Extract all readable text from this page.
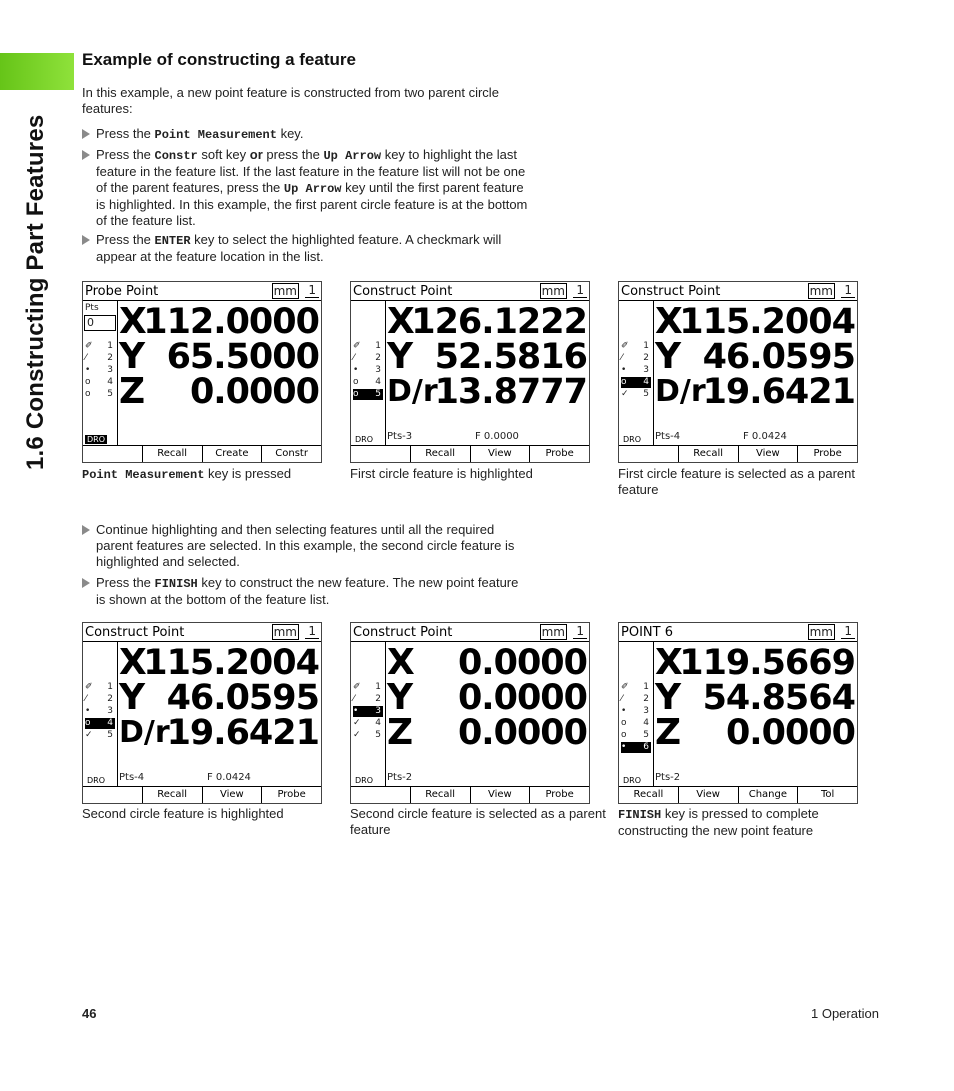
1.6 Constructing Part Features
Example of constructing a feature

In this example, a new point feature is constructed from two parent circle features:

Press the Point Measurement key.

Press the Constr soft key or press the Up Arrow key to highlight the last feature in the feature list. If the last feature in the feature list will not be one of the parent features, press the Up Arrow key until the first parent feature is highlighted. In this example, the first parent circle feature is at the bottom of the feature list.

Press the ENTER key to select the highlighted feature. A checkmark will appear at the feature location in the list.

Continue highlighting and then selecting features until all the required parent features are selected. In this example, the second circle feature is highlighted and selected.

Press the FINISH key to construct the new feature. The new point feature is shown at the bottom of the feature list.

Probe Point	mm 1
Pts
0
✐ 1
⁄ 2
• 3
o 4
o 5
X
112.0000
Y 65.5000
Z 0.0000
DRO
Recall	Create	Constr

Point Measurement key is pressed

Construct Point	mm 1
✐ 1
⁄ 2
• 3
o 4
o 5
X
126.1222
Y 52.5816
D/r
13.8777
DRO Pts-3	F 0.0000
Recall	View	Probe

First circle feature is highlighted

Construct Point	mm 1
✐ 1
⁄ 2
• 3
o 4
✓ 5
X
115.2004
Y 46.0595
D/r
19.6421
DRO Pts-4	F 0.0424
Recall	View	Probe

First circle feature is selected as a parent feature

Construct Point	mm 1
✐ 1
⁄ 2
• 3
o 4
✓ 5
X
115.2004
Y 46.0595
D/r
19.6421
DRO Pts-4	F 0.0424
Recall	View	Probe

Second circle feature is highlighted

Construct Point	mm 1
✐ 1
⁄ 2
• 3
✓ 4
✓ 5
X 0.0000
Y 0.0000
Z 0.0000
DRO Pts-2
Recall	View	Probe

Second circle feature is selected as a parent feature

POINT 6	mm 1
✐ 1
⁄ 2
• 3
o 4
o 5
• 6
X
119.5669
Y 54.8564
Z 0.0000
DRO Pts-2
Recall	View	Change	Tol

FINISH key is pressed to complete constructing the new point feature

46	1 Operation
